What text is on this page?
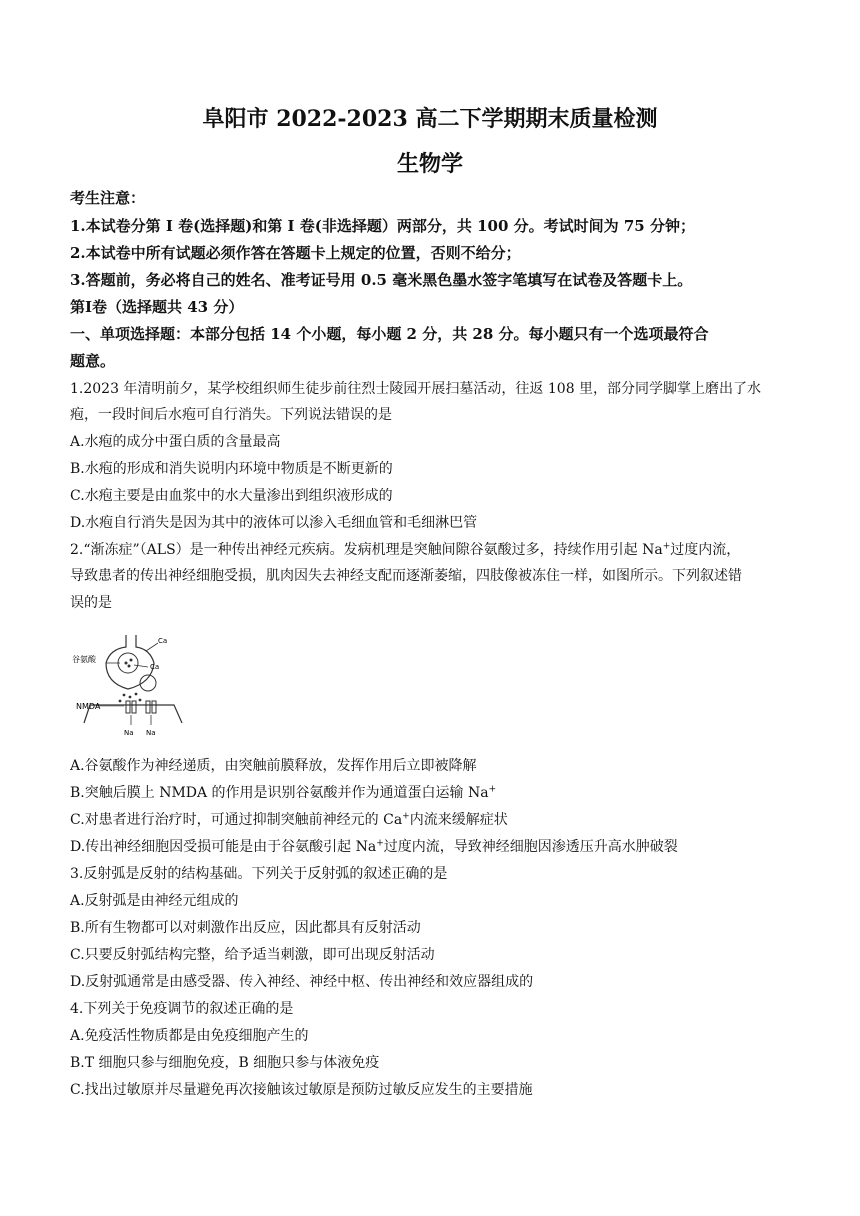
阜阳市 2022-2023 高二下学期期末质量检测
生物学
考生注意：
1.本试卷分第 I 卷(选择题)和第 I 卷(非选择题）两部分，共 100 分。考试时间为 75 分钟；
2.本试卷中所有试题必须作答在答题卡上规定的位置，否则不给分；
3.答题前，务必将自己的姓名、准考证号用 0.5 毫米黑色墨水签字笔填写在试卷及答题卡上。
第Ⅰ卷（选择题共 43 分）
一、单项选择题：本部分包括 14 个小题，每小题 2 分，共 28 分。每小题只有一个选项最符合
题意。
1.2023 年清明前夕，某学校组织师生徒步前往烈士陵园开展扫墓活动，往返 108 里，部分同学脚掌上磨出了水
疱，一段时间后水疱可自行消失。下列说法错误的是
A.水疱的成分中蛋白质的含量最高
B.水疱的形成和消失说明内环境中物质是不断更新的
C.水疱主要是由血浆中的水大量渗出到组织液形成的
D.水疱自行消失是因为其中的液体可以渗入毛细血管和毛细淋巴管
2.“渐冻症”（ALS）是一种传出神经元疾病。发病机理是突触间隙谷氨酸过多，持续作用引起 Na+过度内流，
导致患者的传出神经细胞受损，肌肉因失去神经支配而逐渐萎缩，四肢像被冻住一样，如图所示。下列叙述错
误的是
谷氨酸
Ca
Ca
NMDA
Na Na
A.谷氨酸作为神经递质，由突触前膜释放，发挥作用后立即被降解
B.突触后膜上 NMDA 的作用是识别谷氨酸并作为通道蛋白运输 Na+
C.对患者进行治疗时，可通过抑制突触前神经元的 Ca+内流来缓解症状
D.传出神经细胞因受损可能是由于谷氨酸引起 Na+过度内流，导致神经细胞因渗透压升高水肿破裂
3.反射弧是反射的结构基础。下列关于反射弧的叙述正确的是
A.反射弧是由神经元组成的
B.所有生物都可以对刺激作出反应，因此都具有反射活动
C.只要反射弧结构完整，给予适当刺激，即可出现反射活动
D.反射弧通常是由感受器、传入神经、神经中枢、传出神经和效应器组成的
4.下列关于免疫调节的叙述正确的是
A.免疫活性物质都是由免疫细胞产生的
B.T 细胞只参与细胞免疫，B 细胞只参与体液免疫
C.找出过敏原并尽量避免再次接触该过敏原是预防过敏反应发生的主要措施
